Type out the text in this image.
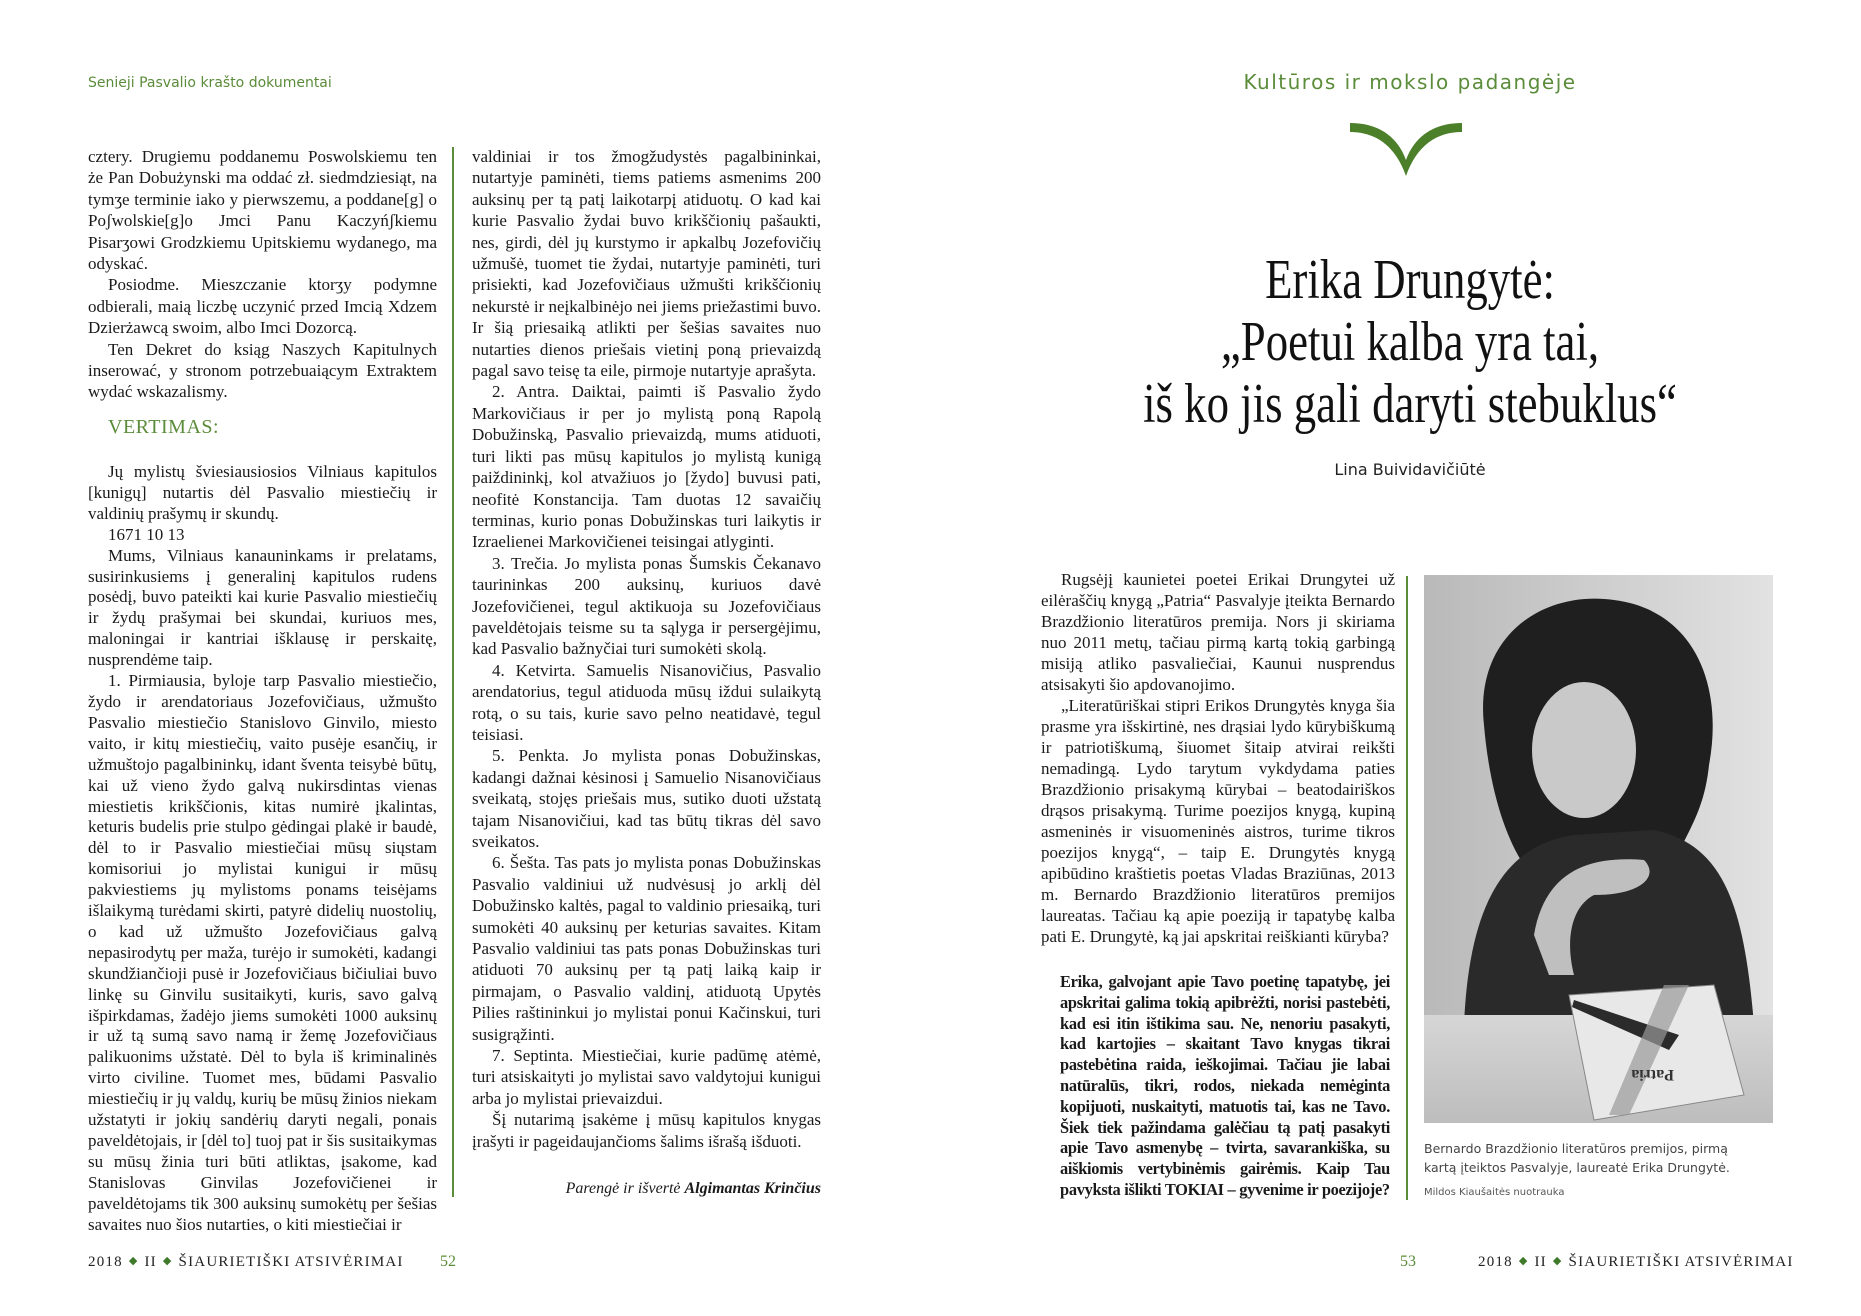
Senieji Pasvalio krašto dokumentai

cztery. Drugiemu poddanemu Poswolskiemu ten że Pan Dobużynski ma oddać zł. siedmdziesiąt, na tymʒe terminie iako y pierwszemu, a poddane[g] o Poʃwolskie[g]o Jmci Panu Kaczyńʃkiemu Pisarʒowi Grodzkiemu Upitskiemu wydanego, ma odyskać.

Posiodme. Mieszczanie ktorʒy podymne odbierali, maią liczbę uczynić przed Imcią Xdzem Dzierżawcą swoim, albo Imci Dozorcą.

Ten Dekret do ksiąg Naszych Kapitulnych inserować, y stronom potrzebuaiącym Extraktem wydać wskazalismy.

VERTIMAS:

Jų mylistų šviesiausiosios Vilniaus kapitulos [kunigų] nutartis dėl Pasvalio miestiečių ir valdinių prašymų ir skundų.

1671 10 13

Mums, Vilniaus kanauninkams ir prelatams, susirinkusiems į generalinį kapitulos rudens posėdį, buvo pateikti kai kurie Pasvalio miestiečių ir žydų prašymai bei skundai, kuriuos mes, maloningai ir kantriai išklausę ir perskaitę, nusprendėme taip.

1. Pirmiausia, byloje tarp Pasvalio miestiečio, žydo ir arendatoriaus Jozefovičiaus, užmušto Pasvalio miestiečio Stanislovo Ginvilo, miesto vaito, ir kitų miestiečių, vaito pusėje esančių, ir užmuštojo pagalbininkų, idant šventa teisybė būtų, kai už vieno žydo galvą nukirsdintas vienas miestietis krikščionis, kitas numirė įkalintas, keturis budelis prie stulpo gėdingai plakė ir baudė, dėl to ir Pasvalio miestiečiai mūsų siųstam komisoriui jo mylistai kunigui ir mūsų pakviestiems jų mylistoms ponams teisėjams išlaikymą turėdami skirti, patyrė didelių nuostolių, o kad už užmušto Jozefovičiaus galvą nepasirodytų per maža, turėjo ir sumokėti, kadangi skundžiančioji pusė ir Jozefovičiaus bičiuliai buvo linkę su Ginvilu susitaikyti, kuris, savo galvą išpirkdamas, žadėjo jiems sumokėti 1000 auksinų ir už tą sumą savo namą ir žemę Jozefovičiaus palikuonims užstatė. Dėl to byla iš kriminalinės virto civiline. Tuomet mes, būdami Pasvalio miestiečių ir jų valdų, kurių be mūsų žinios niekam užstatyti ir jokių sandėrių daryti negali, ponais paveldėtojais, ir [dėl to] tuoj pat ir šis susitaikymas su mūsų žinia turi būti atliktas, įsakome, kad Stanislovas Ginvilas Jozefovičienei ir paveldėtojams tik 300 auksinų sumokėtų per šešias savaites nuo šios nutarties, o kiti miestiečiai ir

valdiniai ir tos žmogžudystės pagalbininkai, nutartyje paminėti, tiems patiems asmenims 200 auksinų per tą patį laikotarpį atiduotų. O kad kai kurie Pasvalio žydai buvo krikščionių pašaukti, nes, girdi, dėl jų kurstymo ir apkalbų Jozefovičių užmušė, tuomet tie žydai, nutartyje paminėti, turi prisiekti, kad Jozefovičiaus užmušti krikščionių nekurstė ir neįkalbinėjo nei jiems priežastimi buvo. Ir šią priesaiką atlikti per šešias savaites nuo nutarties dienos priešais vietinį poną prievaizdą pagal savo teisę ta eile, pirmoje nutartyje aprašyta.

2. Antra. Daiktai, paimti iš Pasvalio žydo Markovičiaus ir per jo mylistą poną Rapolą Dobužinską, Pasvalio prievaizdą, mums atiduoti, turi likti pas mūsų kapitulos jo mylistą kunigą paiždininkį, kol atvažiuos jo [žydo] buvusi pati, neofitė Konstancija. Tam duotas 12 savaičių terminas, kurio ponas Dobužinskas turi laikytis ir Izraelienei Markovičienei teisingai atlyginti.

3. Trečia. Jo mylista ponas Šumskis Čekanavo taurininkas 200 auksinų, kuriuos davė Jozefovičienei, tegul aktikuoja su Jozefovičiaus paveldėtojais teisme su ta sąlyga ir persergėjimu, kad Pasvalio bažnyčiai turi sumokėti skolą.

4. Ketvirta. Samuelis Nisanovičius, Pasvalio arendatorius, tegul atiduoda mūsų iždui sulaikytą rotą, o su tais, kurie savo pelno neatidavė, tegul teisiasi.

5. Penkta. Jo mylista ponas Dobužinskas, kadangi dažnai kėsinosi į Samuelio Nisanovičiaus sveikatą, stojęs priešais mus, sutiko duoti užstatą tajam Nisanovičiui, kad tas būtų tikras dėl savo sveikatos.

6. Šešta. Tas pats jo mylista ponas Dobužinskas Pasvalio valdiniui už nudvėsusį jo arklį dėl Dobužinsko kaltės, pagal to valdinio priesaiką, turi sumokėti 40 auksinų per keturias savaites. Kitam Pasvalio valdiniui tas pats ponas Dobužinskas turi atiduoti 70 auksinų per tą patį laiką kaip ir pirmajam, o Pasvalio valdinį, atiduotą Upytės Pilies raštininkui jo mylistai ponui Kačinskui, turi susigrąžinti.

7. Septinta. Miestiečiai, kurie padūmę atėmė, turi atsiskaityti jo mylistai savo valdytojui kunigui arba jo mylistai prievaizdui.

Šį nutarimą įsakėme į mūsų kapitulos knygas įrašyti ir pageidaujančioms šalims išrašą išduoti.

Parengė ir išvertė Algimantas Krinčius
2018 ◆ II ◆ ŠIAURIETIŠKI ATSIVĖRIMAI 52
Kultūros ir mokslo padangėje
Erika Drungytė:
„Poetui kalba yra tai,
iš ko jis gali daryti stebuklus“
Lina Buividavičiūtė

Rugsėjį kaunietei poetei Erikai Drungytei už eilėraščių knygą „Patria“ Pasvalyje įteikta Bernardo Brazdžionio literatūros premija. Nors ji skiriama nuo 2011 metų, tačiau pirmą kartą tokią garbingą misiją atliko pasvaliečiai, Kaunui nusprendus atsisakyti šio apdovanojimo.

„Literatūriškai stipri Erikos Drungytės knyga šia prasme yra išskirtinė, nes drąsiai lydo kūrybiškumą ir patriotiškumą, šiuomet šitaip atvirai reikšti nemadingą. Lydo tarytum vykdydama paties Brazdžionio prisakymą kūrybai – beatodairiškos drąsos prisakymą. Turime poezijos knygą, kupiną asmeninės ir visuomeninės aistros, turime tikros poezijos knygą“, – taip E. Drungytės knygą apibūdino kraštietis poetas Vladas Braziūnas, 2013 m. Bernardo Brazdžionio literatūros premijos laureatas. Tačiau ką apie poeziją ir tapatybę kalba pati E. Drungytė, ką jai apskritai reiškianti kūryba?

Erika, galvojant apie Tavo poetinę tapatybę, jei apskritai galima tokią apibrėžti, norisi pastebėti, kad esi itin ištikima sau. Ne, nenoriu pasakyti, kad kartojies – skaitant Tavo knygas tikrai pastebėtina raida, ieškojimai. Tačiau jie labai natūralūs, tikri, rodos, niekada nemėginta kopijuoti, nuskaityti, matuotis tai, kas ne Tavo. Šiek tiek pažindama galėčiau tą patį pasakyti apie Tavo asmenybę – tvirta, savarankiška, su aiškiomis vertybinėmis gairėmis. Kaip Tau pavyksta išlikti TOKIAI – gyvenime ir poezijoje?
Patria
Bernardo Brazdžionio literatūros premijos, pirmą
kartą įteiktos Pasvalyje, laureatė Erika Drungytė.
Mildos Kiaušaitės nuotrauka
53	2018 ◆ II ◆ ŠIAURIETIŠKI ATSIVĖRIMAI
